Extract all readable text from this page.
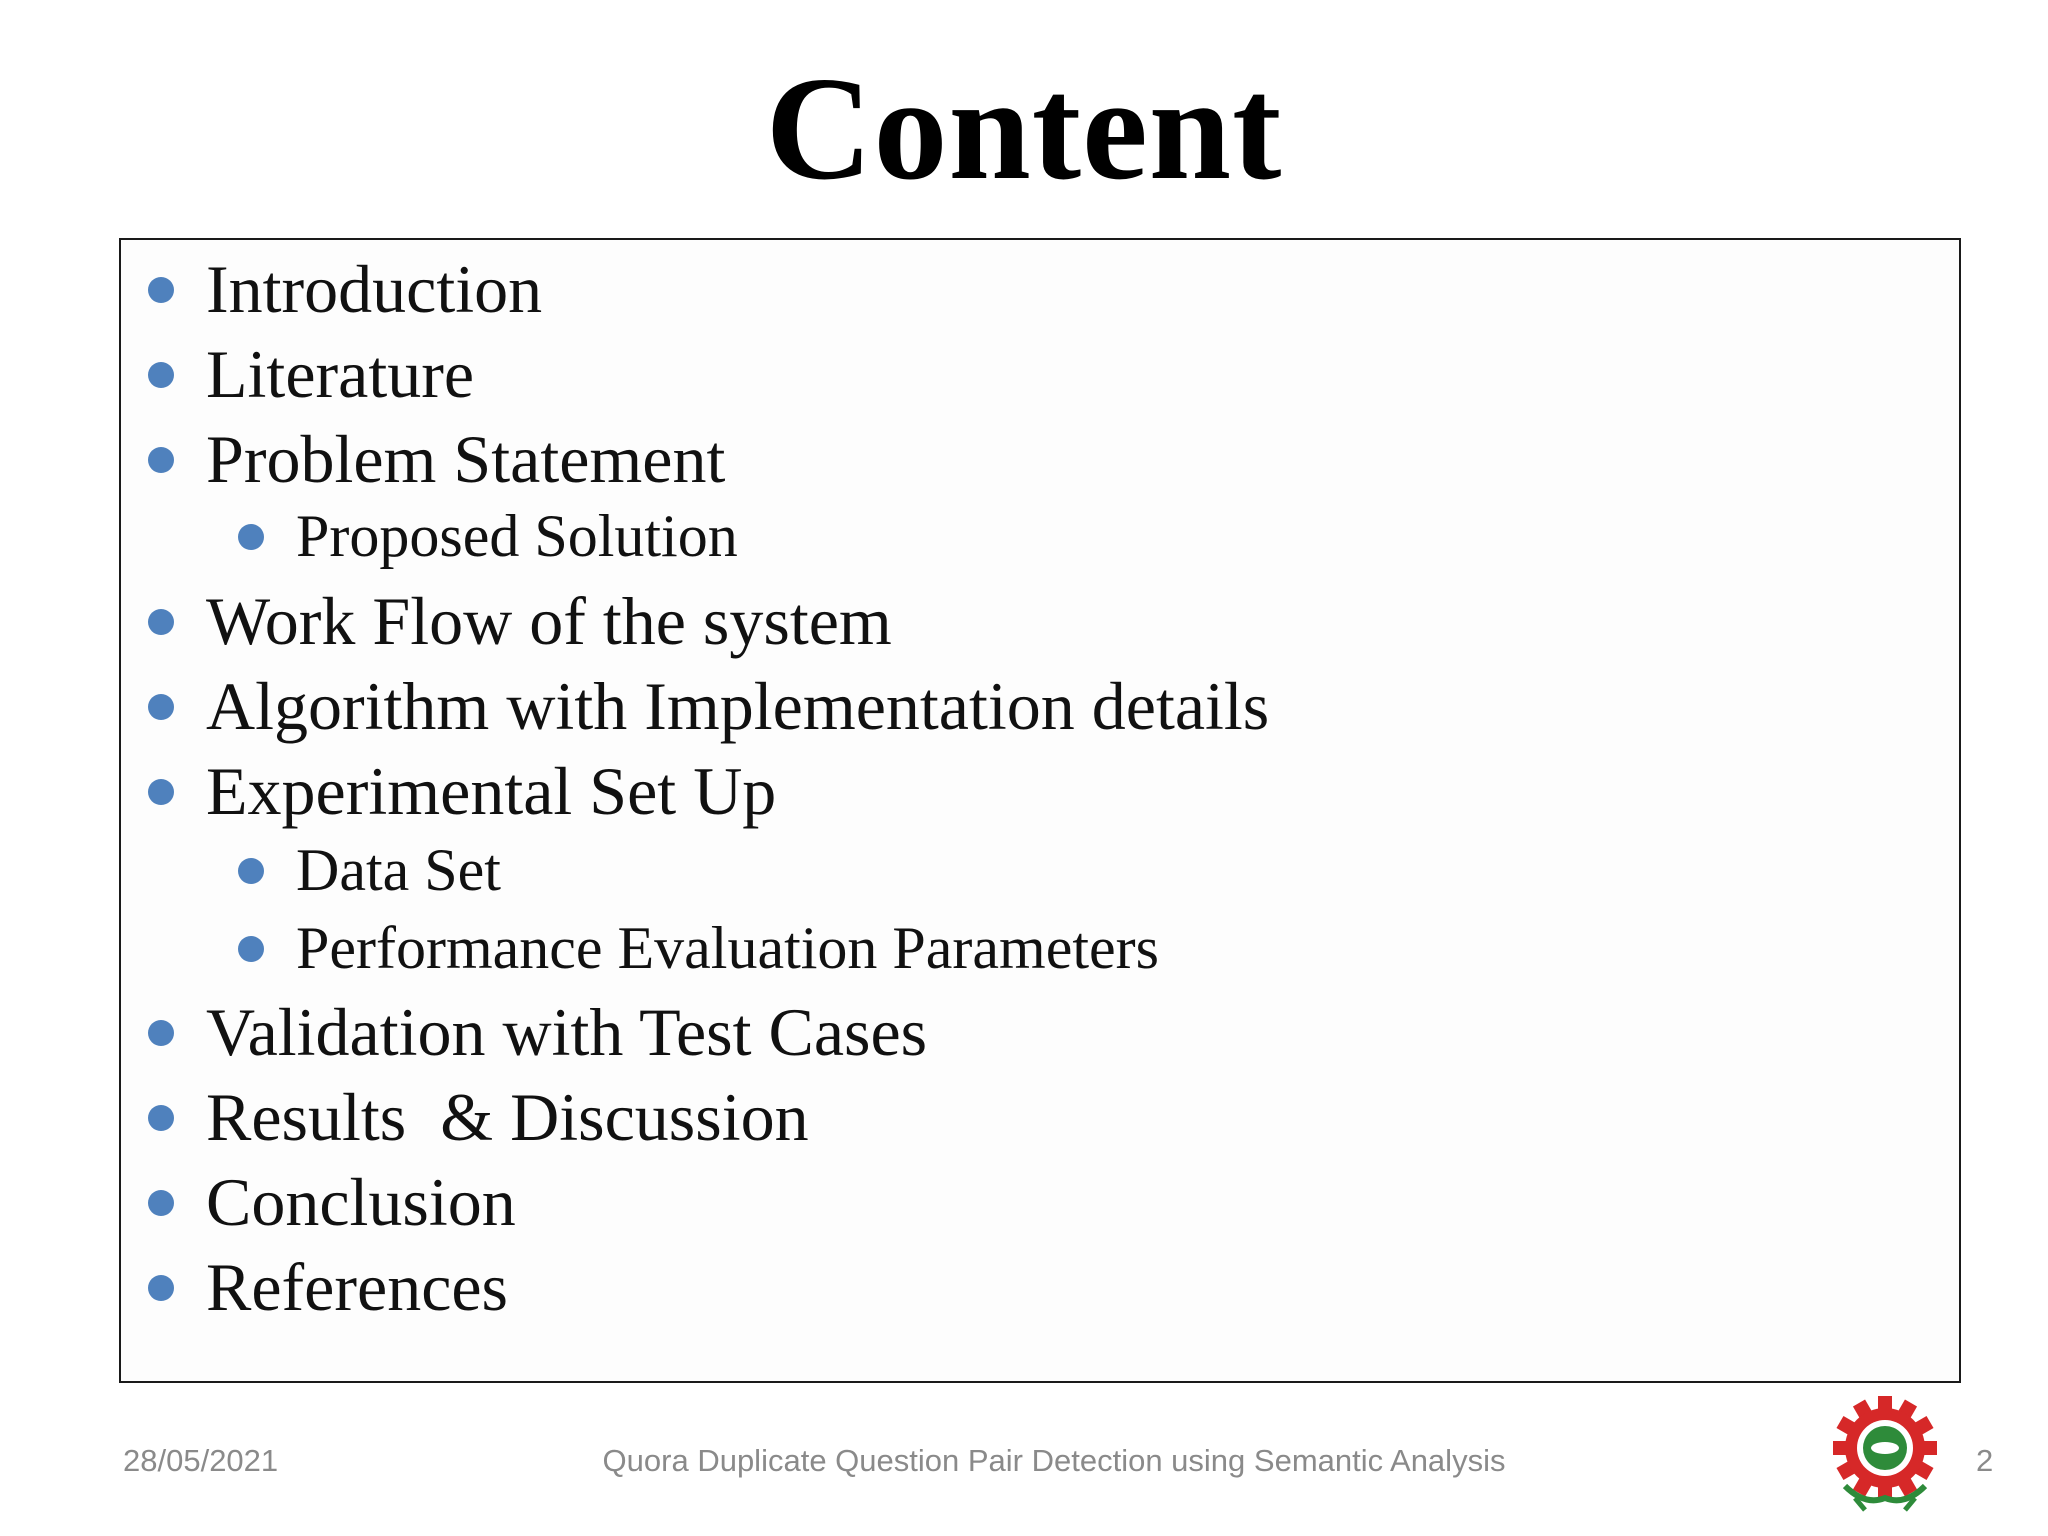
Content
Introduction
Literature
Problem Statement
Proposed Solution
Work Flow of the system
Algorithm with Implementation details
Experimental Set Up
Data Set
Performance Evaluation Parameters
Validation with Test Cases
Results  & Discussion
Conclusion
References
28/05/2021	Quora Duplicate Question Pair Detection using Semantic Analysis	2
